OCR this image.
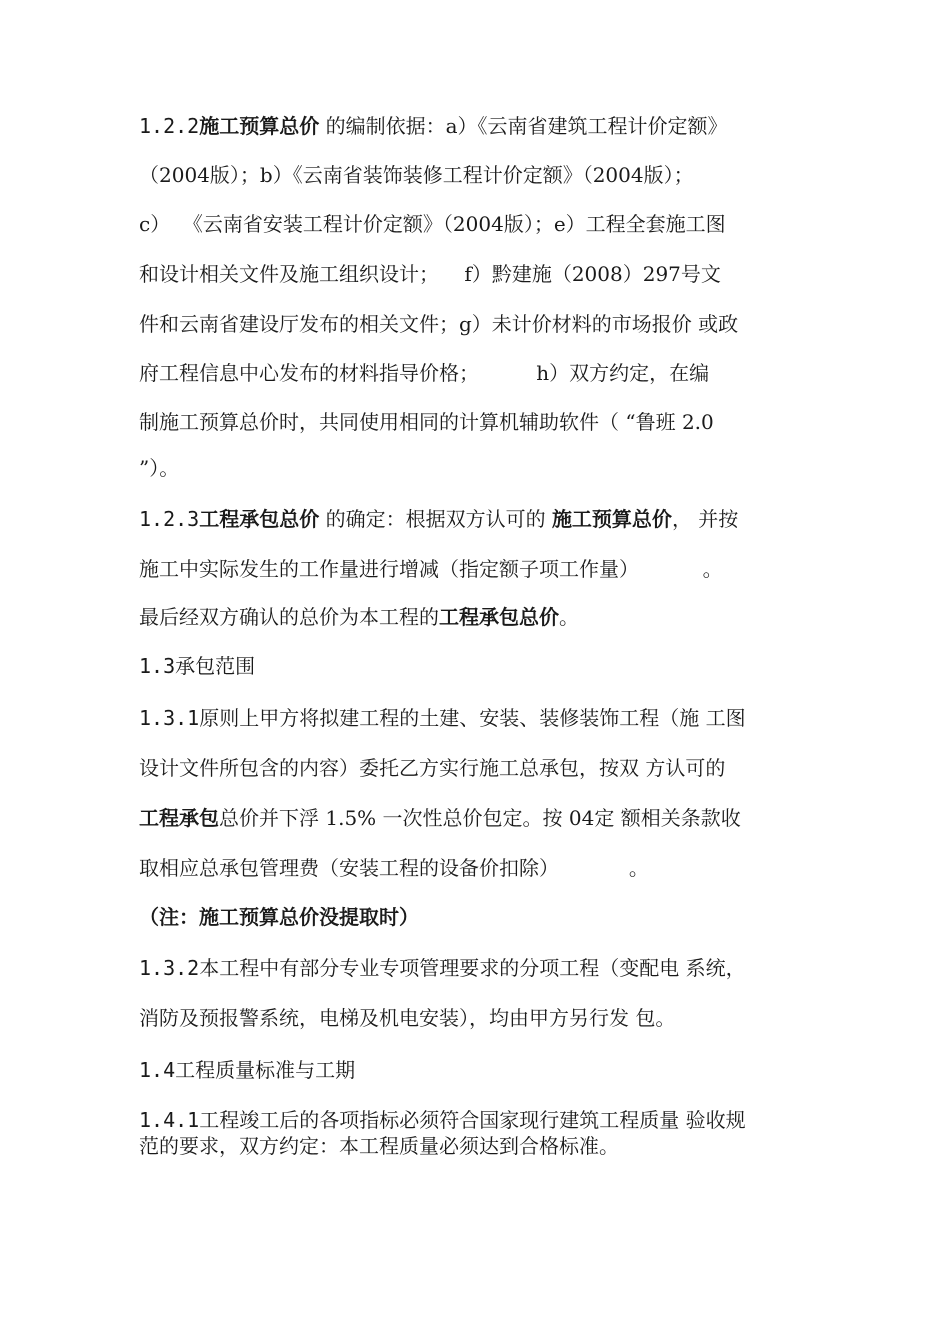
1.2.2施工预算总价 的编制依据：a）《云南省建筑工程计价定额》
（2004版）；b）《云南省装饰装修工程计价定额》（2004版）；
c）  《云南省安装工程计价定额》（2004版）；e）工程全套施工图
和设计相关文件及施工组织设计；    f）黔建施（2008）297号文
件和云南省建设厅发布的相关文件；g）未计价材料的市场报价 或政
府工程信息中心发布的材料指导价格；         h）双方约定，在编
制施工预算总价时，共同使用相同的计算机辅助软件（ “鲁班 2.0
”）。
1.2.3工程承包总价 的确定：根据双方认可的 施工预算总价， 并按
施工中实际发生的工作量进行增减（指定额子项工作量）          。
最后经双方确认的总价为本工程的工程承包总价。
1.3承包范围
1.3.1原则上甲方将拟建工程的土建、安装、装修装饰工程（施 工图
设计文件所包含的内容）委托乙方实行施工总承包，按双 方认可的
工程承包总价并下浮 1.5% 一次性总价包定。按 04定 额相关条款收
取相应总承包管理费（安装工程的设备价扣除）           。
（注：施工预算总价没提取时）
1.3.2本工程中有部分专业专项管理要求的分项工程（变配电 系统，
消防及预报警系统，电梯及机电安装），均由甲方另行发 包。
1.4工程质量标准与工期
1.4.1工程竣工后的各项指标必须符合国家现行建筑工程质量 验收规
范的要求，双方约定：本工程质量必须达到合格标准。
